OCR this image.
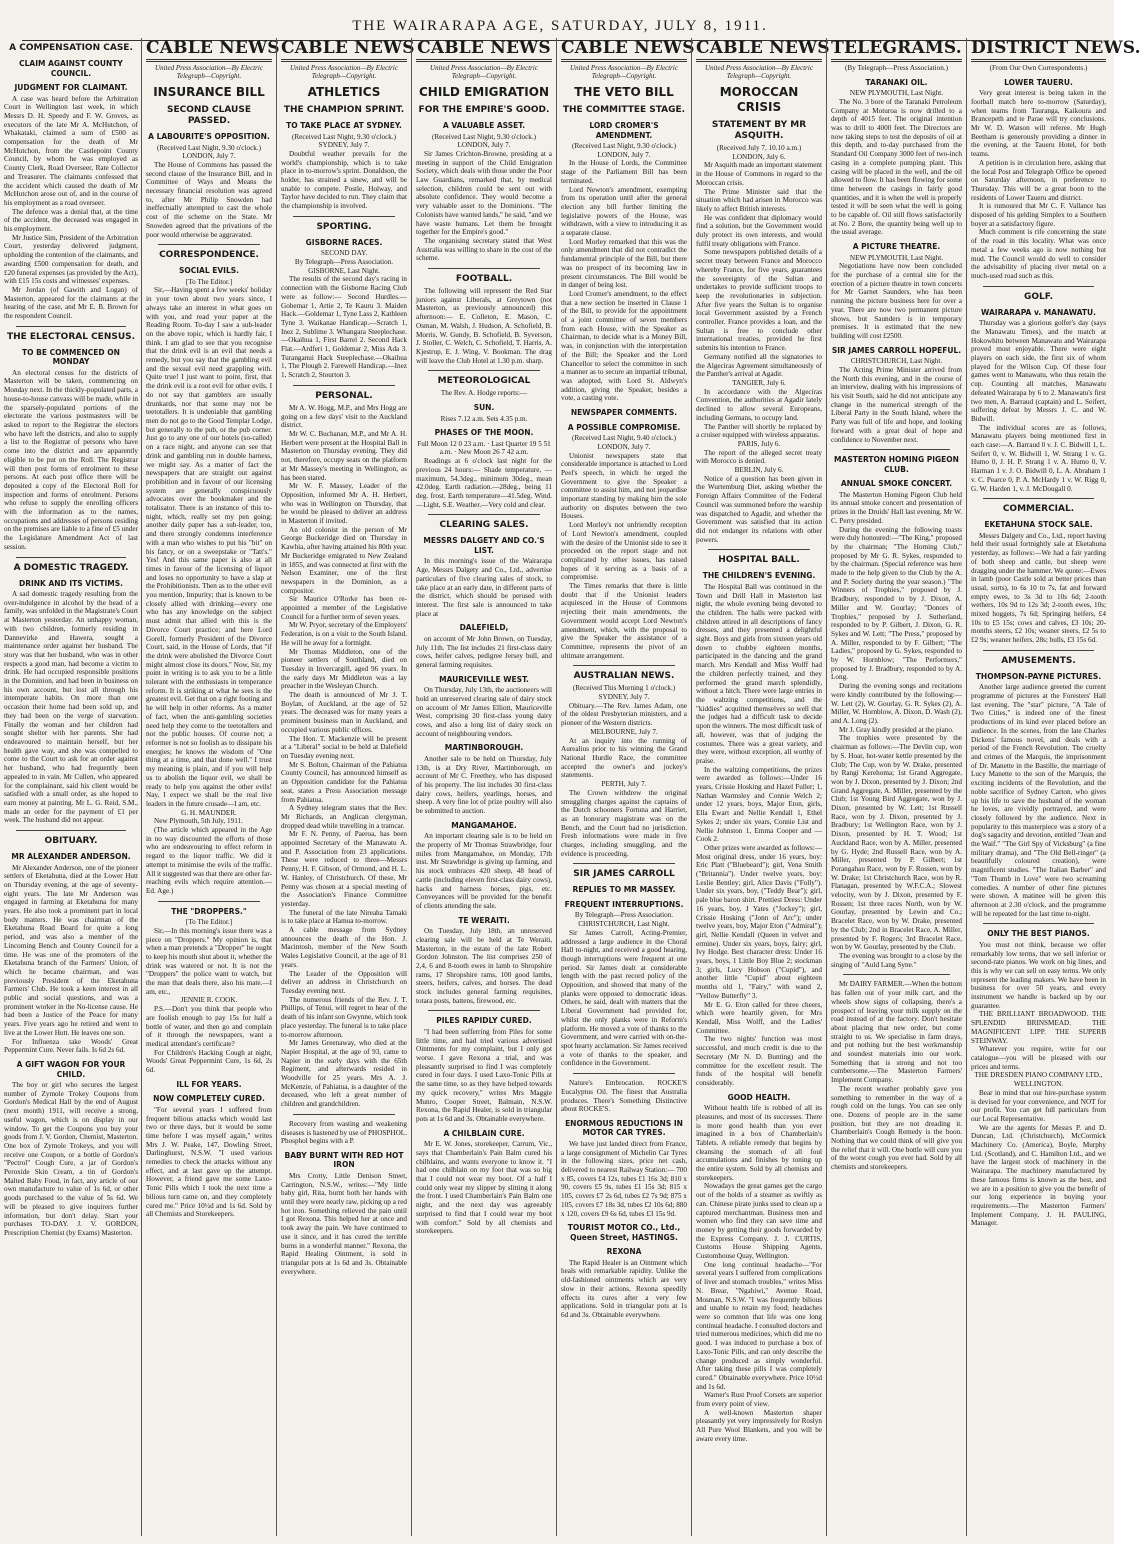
THE WAIRARAPA AGE, SATURDAY, JULY 8, 1911.
A COMPENSATION CASE.
CLAIM AGAINST COUNTY COUNCIL.
JUDGMENT FOR CLAIMANT.
A case was heard before the Arbitration Court in Wellington last week, in which Messrs D. H. Speedy and F. W. Groves, as executors of the late Mr A. McHutchon, of Whakataki, claimed a sum of £500 as compensation for the death of Mr McHutchon, from the Castlepoint County Council, by whom he was employed as County Clerk, Road Overseer, Rate Collector and Treasurer. The claimants confessed that the accident which caused the death of Mr McHutchon arose out of, and in the course of his employment as a road overseer.
The defence was a denial that, at the time of the accident, the deceased was engaged in his employment.
Mr Justice Sim, President of the Arbitration Court, yesterday delivered judgment, upholding the contention of the claimants, and awarding £500 compensation for death, and £20 funeral expenses (as provided by the Act), with £15 15s costs and witnesses' expenses.
Mr Jordan (of Gawith and Logan) of Masterton, appeared for the claimants at the hearing of the case, and Mr E. B. Brown for the respondent Council.
THE ELECTORAL CENSUS.
TO BE COMMENCED ON MONDAY
An electoral census for the districts of Masterton will be taken, commencing on Monday next. In the thickly-populated parts, a house-to-house canvass will be made, while in the sparsely-populated portions of the electorate the various postmasters will be asked to report to the Registrar the electors who have left the districts, and also to supply a list to the Registrar of persons who have come into the district and are apparently eligible to be put on the Roll. The Registrar will then post forms of enrolment to these persons. At each post office there will be deposited a copy of the Electoral Roll for inspection and forms of enrolment. Persons who refuse to supply the enrolling officers with the information as to the names, occupations and addresses of persons residing on the premises are liable to a fine of £5 under the Legislature Amendment Act of last session.
A DOMESTIC TRAGEDY.
DRINK AND ITS VICTIMS.
A sad domestic tragedy resulting from the over-indulgence in alcohol by the head of a family, was unfolded in the Magistrate's Court at Masterton yesterday. An unhappy woman, with two children, formerly residing in Dannevirke and Hawera, sought a maintenance order against her husband. The story was that her husband, who was in other respects a good man, had become a victim to drink. He had occupied responsible positions in the Dominion, and had been in business on his own account, but lost all through his intemperate habits. On more than one occasion their home had been sold up, and they had been on the verge of starvation. Finally the woman and her children had sought shelter with her parents. She had endeavoured to maintain herself, but her health gave way, and she was compelled to come to the Court to ask for an order against her husband, who had frequently been appealed to in vain. Mr Cullen, who appeared for the complainant, said his client would be satisfied with a small order, as she hoped to earn money at painting. Mr L. G. Reid, S.M., made an order for the payment of £1 per week. The husband did not appear.
OBITUARY.
MR ALEXANDER ANDERSON.
Mr Alexander Anderson, one of the pioneer settlers of Eketahuna, died at the Lower Hutt on Thursday evening, at the age of seventy-eight years. The late Mr Anderson was engaged in farming at Eketahuna for many years. He also took a prominent part in local body matters. He was chairman of the Eketahuna Road Board for quite a long period, and was also a member of the Lincoming Bench and County Council for a time. He was one of the promoters of the Eketahuna branch of the Farmers' Union, of which he became chairman, and was previously President of the Eketahuna Farmers' Club. He took a keen interest in all public and social questions, and was a prominent worker in the No-license cause. He had been a Justice of the Peace for many years. Five years ago he retired and went to live at the Lower Hutt. He leaves one son.
For Influenza take Woods' Great Peppermint Cure. Never fails. Is 6d 2s 6d.
A GIFT WAGON FOR YOUR CHILD.
The boy or girl who secures the largest number of Zymole Trokey Coupons from Gordon's Medical Hall by the end of August (next month) 1911, will receive a strong, useful wagon, which is on display in our window. To get the Coupons you buy your goods from J. V. Gordon, Chemist, Masterton. One box of Zymole Trokeys, and you will receive one Coupon, or a bottle of Gordon's "Pectrol" Cough Cure, a jar of Gordon's Peroxide Skin Cream, a tin of Gordon's Malted Baby Food, in fact, any article of our own manufacture to value of 1s 6d, or other goods purchased to the value of 5s 6d. We will be pleased to give inquirers further information, but don't delay. Start your purchases TO-DAY. J. V. GORDON, Prescription Chemist (by Exams) Masterton.
CABLE NEWS
United Press Association—By Electric Telegraph—Copyright.
INSURANCE BILL
SECOND CLAUSE PASSED.
A LABOURITE'S OPPOSITION.
(Received Last Night, 9.30 o'clock.)
LONDON, July 7.
The House of Commons has passed the second clause of the Insurance Bill, and in Committee of Ways and Means the necessary financial resolution was agreed to, after Mr Philip Snowden had ineffectually attempted to cast the whole cost of the scheme on the State. Mr Snowden agreed that the privations of the poor would otherwise be aggravated.
CORRESPONDENCE.
SOCIAL EVILS.
[To The Editor.]
Sir,—Having spent a few weeks' holiday in your town about two years since, I always take an interest in what goes on with you, and read your paper at the Reading Room. To-day I saw a sub-leader on the above topic, which is hardly fair, I think. I am glad to see that you recognise that the drink evil is an evil that needs a remedy, but you say that the gambling evil and the sexual evil need grappling with. Quite true! I just want to point, first, that the drink evil is a root evil for other evils. I do not say that gamblers are usually drunkards, nor that some may not be teetotallers. It is undeniable that gambling men do not go to the Good Templar Lodge, but generally to the pub, or the pub corner. Just go to any one of our hotels (so-called) on a race night, and anyone can see that drink and gambling run in double harness, we might say. As a matter of fact the newspapers that are straight out against prohibition and in favour of our licensing system are generally conspicuously advocates over the bookmaker and the totalisator. There is an instance of this to-night, which, really set my pen going; another daily paper has a sub-leader, too, and there strongly condemns interference with a man who wishes to put his "bit" on his fancy, or on a sweepstake or "Tatt's." Yes! And this same paper is also at all times in favour of the licensing of liquor and loses no opportunity to have a slap at the Prohibitionists. Then as to the other evil you mention, Impurity; that is known to be closely allied with drinking—every one who has any knowledge on the subject must admit that allied with this is the Divorce Court practice; and here Lord Gorell, formerly President of the Divorce Court, said, in the House of Lords, that "if the drink were abolished the Divorce Court might almost close its doors." Now, Sir, my point in writing is to ask you to be a little tolerant with the enthusiasts in temperance reform. It is striking at what he sees is the greatest evil. Get that on a right footing and he will help in other reforms. As a matter of fact, when the anti-gambling societies need help they come to the teetotallers and not the public houses. Of course not; a reformer is not so foolish as to dissipate his energies; he knows the wisdom of "One thing at a time, and that done well." I trust my meaning is plain, and if you will help us to abolish the liquor evil, we shall be ready to help you against the other evils! Nay, I expect we shall be the real live leaders in the future crusade—I am, etc.
G. H. MAUNDER.
New Plymouth, 5th July, 1911.
(The article which appeared in the Age in no way discounted the efforts of those who are endeavouring to effect reform in regard to the liquor traffic. We did it attempt to minimise the evils of the traffic. All it suggested was that there are other far-reaching evils which require attention.—Ed. Age.)
THE "DROPPERS."
[To The Editor.]
Sir,—In this morning's issue there was a piece on "Droppers." My opinion is, that when a man pretends a "Dropper" he ought to keep his mouth shut about it, whether the drink was watered or not. It is not the "Droppers" the police want to watch, but the man that deals there, also his mate.—I am, etc.,
JENNIE R. COOK.
P.S.—Don't you think that people who are foolish enough to pay 15s for half a bottle of water, and then go and complain of it through the newspapers, want a medical attendant's certificate?
For Children's Hacking Cough at night, Woods' Great Peppermint Cure, 1s 6d, 2s 6d.
ILL FOR YEARS.
NOW COMPLETELY CURED.
"For several years I suffered from frequent bilious attacks which would last two or three days, but it would be some time before I was myself again," writes Mrs J. W. Peake, 147, Dowling Street, Darlinghurst, N.S.W. "I used various remedies to check the attacks without any effect, and at last gave up the attempt. However, a friend gave me some Laxo-Tonic Pills which I took the next time a bilious turn came on, and they completely cured me." Price 10½d and 1s 6d. Sold by all Chemists and Storekeepers.
CABLE NEWS
United Press Association—By Electric Telegraph—Copyright.
ATHLETICS
THE CHAMPION SPRINT.
TO TAKE PLACE AT SYDNEY.
(Received Last Night, 9.30 o'clock.)
SYDNEY, July 7.
Doubtful weather prevails for the world's championship, which is to take place in to-morrow's sprint. Donaldson, the holder, has strained a sinew, and will be unable to compete. Postle, Holway, and Taylor have decided to run. They claim that the championship is involved.
SPORTING.
GISBORNE RACES.
SECOND DAY.
By Telegraph—Press Association.
GISBORNE, Last Night.
The results of the second day's racing in connection with the Gisborne Racing Club were as follow:— Second Hurdles.—Gobemar 1, Artie 2, Te Kauru 3. Maiden Hack.—Goldemar 1, Tyne Lass 2, Kathleen Tyne 3. Waikanae Handicap.—Scratch 1, Inez 2, Sublime 3. Whangara Steeplechase.—Okaihua 1, First Barrel 2. Second Hack Flat.—Ardferi 1, Goldemar 2, Miss Ada 3. Turanganui Hack Steeplechase.—Okaihua 1, The Plough 2. Farewell Handicap.—Inez 1, Scratch 2, Stourton 3.
PERSONAL.
Mr A. W. Hogg, M.P., and Mrs Hogg are going on a few days' visit to the Auckland district.
Mr W. C. Buchanan, M.P., and Mr A. H. Herbert were present at the Hospital Ball in Masterton on Thursday evening. They did not, therefore, occupy seats on the platform at Mr Massey's meeting in Wellington, as has been stated.
Mr W. F. Massey, Leader of the Opposition, informed Mr A. H. Herbert, who was in Wellington on Thursday, that he would be pleased to deliver an address in Masterton if invited.
An old colonist in the person of Mr George Buckeridge died on Thursday in Kawhia, after having attained his 80th year. Mr Buckeridge emigrated to New Zealand in 1855, and was connected at first with the Nelson Examiner, one of the first newspapers in the Dominion, as a compositor.
Sir Maurice O'Rorke has been re-appointed a member of the Legislative Council for a further term of seven years.
Mr W. Pryor, secretary of the Employers' Federation, is on a visit to the South Island. He will be away for a fortnight.
Mr Thomas Middleton, one of the pioneer settlers of Southland, died on Tuesday in Invercargill, aged 96 years. In the early days Mr Middleton was a lay preacher in the Wesleyan Church.
The death is announced of Mr J. T. Boylan, of Auckland, at the age of 52 years. The deceased was for many years a prominent business man in Auckland, and occupied various public offices.
The Hon. T. Mackenzie will be present at a "Liberal" social to be held at Dalefield on Tuesday evening next.
Mr S. Bolton, Chairman of the Pahiatua County Council, has announced himself as an Opposition candidate for the Pahiatua seat, states a Press Association message from Pahiatua.
A Sydney telegram states that the Rev. Mr Richards, an Anglican clergyman, dropped dead while travelling in a tramcar.
Mr F. N. Penny, of Paeroa, has been appointed Secretary of the Manawatu A. and P. Association from 23 applications. These were reduced to three—Messrs Penny, H. F. Gibson, of Ormond, and H. L. W. Hanley, of Christchurch. Of these, Mr Penny was chosen at a special meeting of the Association's Finance Committee yesterday.
The funeral of the late Nireaha Tamaki is to take place at Hamua to-morrow.
A cable message from Sydney announces the death of the Hon. J. Macintosh, member of the New South Wales Legislative Council, at the age of 81 years.
The Leader of the Opposition will deliver an address in Christchurch on Tuesday evening next.
The numerous friends of the Rev. J. T. Phillips, of Tenui, will regret to hear of the death of his infant son Gwynne, which took place yesterday. The funeral is to take place to-morrow afternoon.
Mr James Greenaway, who died at the Napier Hospital, at the age of 93, came to Napier in the early days with the 65th Regiment, and afterwards resided in Woodville for 25 years. Mrs A. J. McKenzie, of Pahiatua, is a daughter of the deceased, who left a great number of children and grandchildren.
Recovery from wasting and weakening diseases is hastened by use of PHOSPHOL. Phosphol begins with a P.
BABY BURNT WITH RED HOT IRON
Mrs Crotty, Little Denison Street, Carrington, N.S.W., writes:—"My little baby girl, Rita, burnt both her hands with until they were nearly raw, picking up a red hot iron. Something relieved the pain until I got Rexona. This helped her at once and took away the pain. We have continued to use it since, and it has cured the terrible burns in a wonderful manner." Rexona, the Rapid Healing Ointment, is sold in triangular pots at 1s 6d and 3s. Obtainable everywhere.
CABLE NEWS
United Press Association—By Electric Telegraph—Copyright.
CHILD EMIGRATION
FOR THE EMPIRE'S GOOD.
A VALUABLE ASSET.
(Received Last Night, 9.30 o'clock.)
LONDON, July 7.
Sir James Crichton-Browne, presiding at a meeting in support of the Child Emigration Society, which deals with those under the Poor Law Guardians, remarked that, by medical selection, children could be sent out with absolute confidence. They would become a very valuable asset to the Dominions. "The Colonists have wanted lands," he said, "and we have waste humans. Let them be brought together for the Empire's good."
The organising secretary stated that West Australia was willing to share in the cost of the scheme.
FOOTBALL.
The following will represent the Red Star juniors against Liberals, at Greytown (not Masterton, as previously announced) this afternoon:— E. Colleton, E. Mason, C. Osman, M. Walsh, J. Hudson, A. Schofield, B. Morris, W. Gundy, B. Schofield, B. Syverson, J. Stoller, C. Welch, C. Schofield, T. Harris, A. Kjestrup, E. J. Wing, V. Bookman. The drag will leave the Club Hotel at 1.30 p.m. sharp.
METEOROLOGICAL
The Rev. A. Hodge reports:—
SUN.
Rises 7.12 a.m. Sets 4.35 p.m.
PHASES OF THE MOON.
Full Moon 12 0 23 a.m. · Last Quarter 19 5 51 a.m. · New Moon 26 7 42 a.m.
Readings at 6 o'clock last night for the previous 24 hours:— Shade temperature, — maximum, 54.3deg., minimum 30deg., mean 42.0deg. Earth radiation.—28deg., being 11 deg. frost. Earth temperature—41.5deg. Wind.—Light, S.E. Weather.—Very cold and clear.
CLEARING SALES.
MESSRS DALGETY AND CO.'S LIST.
In this morning's issue of the Wairarapa Age, Messrs Dalgety and Co., Ltd., advertise particulars of five clearing sales of stock, to take place at an early date, in different parts of the district, which should be perused with interest. The first sale is announced to take place at
DALEFIELD,
on account of Mr John Brown, on Tuesday, July 11th. The list includes 21 first-class dairy cows, heifer calves, pedigree Jersey bull, and general farming requisites.
MAURICEVILLE WEST.
On Thursday, July 13th, the auctioneers will hold an unreserved clearing sale of dairy stock on account of Mr James Elliott, Mauriceville West, comprising 20 first-class young dairy cows, and also a long list of dairy stock on account of neighbouring vendors.
MARTINBOROUGH.
Another sale to be held on Thursday, July 13th, is at Dry River, Martinborough, on account of Mr C. Freethey, who has disposed of his property. The list includes 30 first-class dairy cows, heifers, yearlings, horses, and sheep. A very fine lot of prize poultry will also be submitted to auction.
MANGAMAHOE.
An important clearing sale is to be held on the property of Mr Thomas Strawbridge, four miles from Mangamahoe, on Monday, 17th inst. Mr Strawbridge is giving up farming, and his stock embraces 420 sheep, 48 head of cattle (including eleven first-class dairy cows), hacks and harness horses, pigs, etc. Conveyances will be provided for the benefit of clients attending the sale.
TE WERAITI.
On Tuesday, July 18th, an unreserved clearing sale will be held at Te Weraiti, Masterton, in the estate of the late Robert Gordon Johnston. The list comprises 250 of 2,4, 6 and 8-tooth ewes in lamb to Shropshire rams, 17 Shropshire rams, 100 good lambs, steers, heifers, calves, and horses. The dead stock includes general farming requisites, totara posts, battens, firewood, etc.
PILES RAPIDLY CURED.
"I had been sufferring from Piles for some little time, and had tried various advertised Ointments for my complaint, but I only got worse. I gave Rexona a trial, and was pleasantly surprised to find I was completely cured in four days. I used Laxo-Tonic Pills at the same time, so as they have helped towards my quick recovery," writes Mrs Maggie Munro, Cooper Street, Balmain, N.S.W. Rexona, the Rapid Healer, is sold in triangular pots at 1s 6d and 3s. Obtainable everywhere.
A CHILBLAIN CURE.
Mr E. W. Jones, storekeeper, Carrum, Vic., says that Chamberlain's Pain Balm cured his chilblains, and wants everyone to know it. "I had one chilblain on my foot that was so big that I could not wear my boot. Of a half I could only wear my slipper by slitting it along the front. I used Chamberlain's Pain Balm one night, and the next day was agreeably surprised to find that I could wear my boot with comfort." Sold by all chemists and storekeepers.
CABLE NEWS
United Press Association—By Electric Telegraph—Copyright.
THE VETO BILL
THE COMMITTEE STAGE.
LORD CROMER'S AMENDMENT.
(Received Last Night, 9.30 o'clock.)
LONDON, July 7.
In the House of Lords, the Committee stage of the Parliament Bill has been terminated.
Lord Newton's amendment, exempting from its operation until after the general election any bill further limiting the legislative powers of the House, was withdrawn, with a view to introducing it as a separate clause.
Lord Morley remarked that this was the only amendment that did not contradict the fundamental principle of the Bill, but there was no prospect of its becoming law in present circumstances. The Bill would be in danger of being lost.
Lord Cromer's amendment, to the effect that a new section be inserted in Clause 1 of the Bill, to provide for the appointment of a joint committee of seven members from each House, with the Speaker as Chairman, to decide what is a Money Bill, was, in conjunction with the interpretation of the Bill; the Speaker and the Lord Chancellor to select the committee in such a manner as to secure an impartial tribunal, was adopted, with Lord St. Aldwyn's addition, giving the Speaker, besides a vote, a casting vote.
NEWSPAPER COMMENTS.
A POSSIBLE COMPROMISE.
(Received Last Night, 9.40 o'clock.)
LONDON, July 7.
Unionist newspapers state that considerable importance is attached to Lord Peel's speech, in which he urged the Government to give the Speaker a committee to assist him, and not jeopardise important standing by making him the sole authority on disputes between the two Houses.
Lord Morley's not unfriendly reception of Lord Newton's amendment, coupled with the desire of the Unionist side to see it proceeded on the report stage and not complicated by other issues, has raised hopes of it serving as a basis of a compromise.
The Times remarks that there is little doubt that if the Unionist leaders acquiesced in the House of Commons rejecting their main amendments, the Government would accept Lord Newton's amendment, which, with the proposal to give the Speaker the assistance of a Committee, represents the pivot of an ultimate arrangement.
AUSTRALIAN NEWS.
(Received This Morning 1 o'clock.)
SYDNEY, July 7.
Obituary.—The Rev. James Adam, one of the oldest Presbyterian ministers, and a pioneer of the Western districts.
MELBOURNE, July 7.
At an inquiry into the running of Aurealius prior to his winning the Grand National Hurdle Race, the committee accepted the owner's and jockey's statements.
PERTH, July 7.
The Crown withdrew the original smuggling charges against the captains of the Dutch schooners Fortuna and Harriet, as an honorary magistrate was on the Bench, and the Court had no jurisdiction. Fresh informations were made in five charges, including smuggling, and the evidence is proceeding.
SIR JAMES CARROLL
REPLIES TO MR MASSEY.
FREQUENT INTERRUPTIONS.
By Telegraph—Press Association.
CHRISTCHURCH, Last Night.
Sir James Carroll, Acting-Premier, addressed a large audience in the Choral Hall to-night, and received a good hearing, though interruptions were frequent at one period. Sir James dealt at considerable length with the past record policy of the Opposition, and showed that many of the planks were opposed to democratic ideas. Others, he said, dealt with matters that the Liberal Government had provided for, whilst the only planks were in Reform's platform. He moved a vote of thanks to the Government, and were carried with on-the-spot hearty acclamation. Sir James received a vote of thanks to the speaker, and confidence in the Government.
Nature's Embrocation. ROCKE'S Eucalyptus Oil. The finest that Australia produces. There's Something Distinctive about ROCKE'S.
ENORMOUS REDUCTIONS IN MOTOR CAR TYRES.
We have just landed direct from France, a large consignment of Michelin Car Tyres in the following sizes, price net cash, delivered to nearest Railway Station:— 700 x 85, covers £4 12s, tubes £1 16s 3d; 810 x 90, covers £5 9s, tubes £1 15s 3d; 815 x 105, covers £7 2s 6d, tubes £2 7s 9d; 875 x 105, covers £7 18s 3d, tubes £2 10s 6d; 880 x 120, covers £9 6s 6d, tubes £3 15s 9d.
TOURIST MOTOR CO., Ltd., Queen Street, HASTINGS.
REXONA
The Rapid Healer is an Ointment which heals with remarkable rapidity. Unlike the old-fashioned ointments which are very slow in their actions, Rexona speedily effects its cures after a very few applications. Sold in triangular pots at 1s 6d and 3s. Obtainable everywhere.
CABLE NEWS
United Press Association—By Electric Telegraph—Copyright.
MOROCCAN CRISIS
STATEMENT BY MR ASQUITH.
(Received July 7, 10.10 a.m.)
LONDON, July 6.
Mr Asquith made an important statement in the House of Commons in regard to the Moroccan crisis.
The Prime Minister said that the situation which had arisen in Morocco was likely to affect British interests.
He was confident that diplomacy would find a solution, but the Government would duly protect its own interests, and would fulfil treaty obligations with France.
Some newspapers published details of a secret treaty between France and Morocco whereby France, for five years, guarantees the sovereignty of the Sultan and undertakes to provide sufficient troops to keep the revolutionaries in subjection. After five years the Sultan is to organise local Government assisted by a French controller. France provides a loan, and the Sultan is free to conclude other international treaties, provided he first submits his intention to France.
Germany notified all the signatories to the Algeciras Agreement simultaneously of the Panther's arrival at Agadir.
TANGIER, July 6.
In accordance with the Algeciras Convention, the authorities at Agadir lately declined to allow several Europeans, including Germans, to occupy land.
The Panther will shortly be replaced by a cruiser equipped with wireless apparatus.
PARIS, July 6.
The report of the alleged secret treaty with Morocco is denied.
BERLIN, July 6.
Notice of a question has been given in the Wurtemburg Diet, asking whether the Foreign Affairs Committee of the Federal Council was summoned before the warship was dispatched to Agadir, and whether the Government was satisfied that its action did not endanger its relations with other powers.
HOSPITAL BALL.
THE CHILDREN'S EVENING.
The Hospital Ball was continued in the Town and Drill Hall in Masterton last night, the whole evening being devoted to the children. The halls were packed with children attired in all descriptions of fancy dresses, and they presented a delightful sight. Boys and girls from sixteen years old down to chubby eighteen months, participated in the dancing and the grand march. Mrs Kendall and Miss Wolff had the children perfectly trained, and they performed the grand march splendidly, without a hitch. There were large entries in the waltzing competitions, and the "kiddies" acquitted themselves so well that the judges had a difficult task to decide upon the winners. The most difficult task of all, however, was that of judging the costumes. There was a great variety, and they were, without exception, all worthy of praise.
In the waltzing competitions, the prizes were awarded as follows:—Under 16 years, Crissie Hosking and Hazel Fuller; 1, Nathan Warmsley and Connie Welch 2; under 12 years, boys, Major Eton, girls, Ella Ewart and Nellie Kendall 1, Ethel Sykes 2; under six years, Connie List and Nellie Johnston 1, Emma Cooper and — Cook 2.
Other prizes were awarded as follows:—Most original dress, under 16 years, boy: Eric Platt ("Bluebeard"); girl, Vena Smith ("Britannia"). Under twelve years, boy: Leslie Bentley; girl, Alice Davis ("Folly"). Under six years, boy, ("Teddy Bear"); girl, pale blue baron shirt. Prettiest Dress: Under 16 years, boy, J Yates ("Jockey"); girl, Crissie Hosking ("Jonn of Arc"); under twelve years, boy, Major Eton ("Admiral"); girl, Nellie Kendall (Queen in velvet and ermine). Under six years, boys, fairy; girl, Ivy Hodge. Best character dress: Under 16 years, boys, 1 Little Boy Blue 2; stockman 3; girls, Lucy Hobson ("Cupid"), and another little "Cupid" about eighteen months old 1, "Fairy," with wand 2, "Yellow Butterfly" 3.
Mr E. G. Eton called for three cheers, which were heartily given, for Mrs Kendall, Miss Wolff, and the Ladies' Committee.
The two nights' function was most successful, and much credit is due to the Secretary (Mr N. D. Bunting) and the committee for the excellent result. The funds of the hospital will benefit considerably.
GOOD HEALTH.
Without health life is robbed of all its pleasures, and most of its successes. There is more good health than you ever imagined in a box of Chamberlain's Tablets. A reliable remedy that begins by cleansing the stomach of all foul accumulations and finishes by toning up the entire system. Sold by all chemists and storekeepers.
Nowadays the great games get the cargo out of the holds of a steamer as swiftly as can. Chinese pirate junks used to clean up a captured merchantman. Business men and women who find they can save time and money by getting their goods forwarded by the Express Company. J. J. CURTIS, Customs House Shipping Agents, Customhouse Quay, Wellington.
One long continual headache—"For several years I suffered from complications of liver and stomach troubles," writes Miss N. Brear, "Ngahiwi," Avenue Road, Mosman, N.S.W. "I was frequently bilious and unable to retain my food; headaches were so common that life was one long continual headache. I consulted doctors and tried numerous medicines, which did me no good. I was induced to purchase a box of Laxo-Tonic Pills, and can only describe the change produced as simply wonderful. After taking these pills I was completely cured." Obtainable everywhere. Price 10½d and 1s 6d.
Warner's Rust Proof Corsets are superior from every point of view.
A well-known Masterton shaper pleasantly yet very impressively for Roslyn All Pure Wool Blankets, and you will be aware every time.
TELEGRAMS.
(By Telegraph—Press Association.)
TARANAKI OIL.
NEW PLYMOUTH, Last Night.
The No. 3 bore of the Taranaki Petroleum Company at Moturoa is now drilled to a depth of 4015 feet. The original intention was to drill to 4000 feet. The Directors are now taking steps to test the deposits of oil at this depth, and to-day purchased from the Standard Oil Company 3000 feet of two-inch casing in a complete pumping plant. This casing will be placed in the well, and the oil allowed to flow. It has been flowing for some time between the casings in fairly good quantities, and it is when the well is properly tested it will be seen what the well is going to be capable of. Oil still flows satisfactorily at No. 2 Bore, the quantity being well up to the usual average.
A PICTURE THEATRE.
NEW PLYMOUTH, Last Night.
Negotiations have now been concluded for the purchase of a central site for the erection of a picture theatre in town concerts for Mr Garnet Saunders, who has been running the picture business here for over a year. There are now two permanent picture shows, but Saunders is in temporary premises. It is estimated that the new building will cost £2500.
SIR JAMES CARROLL HOPEFUL.
CHRISTCHURCH, Last Night.
The Acting Prime Minister arrived from the North this evening, and in the course of an interview, dealing with his impressions of his visit South, said he did not anticipate any change in the numerical strength of the Liberal Party in the South Island, where the Party was full of life and hope, and looking forward with a great deal of hope and confidence to November next.
MASTERTON HOMING PIGEON CLUB.
ANNUAL SMOKE CONCERT.
The Masterton Homing Pigeon Club held its annual smoke concert and presentation of prizes in the Druids' Hall last evening. Mr W. C. Perry presided.
During the evening the following toasts were duly honoured:—"The King," proposed by the chairman; "The Homing Club," proposed by Mr G. R. Sykes, responded to by the chairman. (Special reference was here made to the help given to the Club by the A. and P. Society during the year season.) "The Winners of Trophies," proposed by J. Bradbury, responded to by J. Dixon, A. Miller and W. Gourlay; "Donors of Trophies," proposed by J. Sutherland, responded to by P. Gilbert, J. Dixon, G. R. Sykes and W. Lett; "The Press," proposed by A. Miller, responded to by F. Gilbert; "The Ladies," proposed by G. Sykes, responded to by W. Hornblow; "The Performers," proposed by J. Bradbury, responded to by A. Long.
During the evening songs and recitations were kindly contributed by the following:—W. Lett (2), W. Gourlay, G. R. Sykes (2), A. Miller, W. Hornblow, A. Dixon, D. Wash (2), and A. Long (2).
Mr J. Gray kindly presided at the piano.
The trophies were presented by the chairman as follows:—The Devlin cup, won by S. Hoar, hot-water kettle presented by the Club; The Cup, won by W. Drake, presented by Rangi Kerehoma; 1st Grand Aggregate, won by J. Dixon, presented by J. Dixon; 2nd Grand Aggregate, A. Miller, presented by the Club; 1st Young Bird Aggregate, won by J. Dixon, presented by W. Lett; 1st Russell Race, won by J. Dixon, presented by J. Bradbury; 1st Wellington Race, won by J. Dixon, presented by H. T. Wood; 1st Auckland Race, won by A. Miller, presented by G. Hyde; 2nd Russell Race, won by A. Miller, presented by P. Gilbert; 1st Porangahau Race, won by F. Rossen, won by W. Drake; 1st Christchurch Race, won by R. Flanagan, presented by W.F.C.A.; Slowest velocity, won by J. Dixon, presented by F. Rossen; 1st three races North, won by W. Gourlay, presented by Lewin and Co.; Bracelet Race, won by W. Drake, presented by the Club; 2nd in Bracelet Race, A. Miller, presented by F. Rogers; 3rd Bracelet Race, won by W. Gourlay, presented by the Club.
The evening was brought to a close by the singing of "Auld Lang Syne."
Mr DAIRY FARMER.—When the bottom has fallen out of your milk cart, and the wheels show signs of collapsing, there's a prospect of leaving your milk supply on the road instead of at the factory. Don't hesitate about placing that new order, but come straight to us. We specialise in farm drays, and put nothing but the best workmanship and soundest materials into our work. Something that is strong and not too cumbersome.—The Masterton Farmers' Implement Company.
The recent weather probably gave you something to remember in the way of a rough cold on the lungs. You can see only one. Dozens of people are in the same position, but they are not dreading it. Chamberlain's Cough Remedy is the boon. Nothing that we could think of will give you the relief that it will. One bottle will cure you of the worst cough you ever had. Sold by all chemists and storekeepers.
DISTRICT NEWS.
(From Our Own Correspondents.)
LOWER TAUERU.
Very great interest is being taken in the football match here to-morrow (Saturday), when teams from Tauranga, Kaikoura and Brancepeth and te Parae will try conclusions. Mr W. D. Watson will referee. Mr Hugh Beetham is generously providing a dinner in the evening, at the Taueru Hotel, for both teams.
A petition is in circulation here, asking that the local Post and Telegraph Office be opened on Saturday afternoon, in preference to Thursday. This will be a great boon to the residents of Lower Taueru and district.
It is rumoured that Mr C. F. Vallance has disposed of his gelding Simplex to a Southern buyer at a satisfactory figure.
Much comment is rife concerning the state of the road in this locality. What was once metal a few weeks ago is now nothing but mud. The Council would do well to consider the advisability of placing river metal on a much-used road such as this.
GOLF.
WAIRARAPA v. MANAWATU.
Thursday was a glorious golfer's day (says the Manawatu Times), and the match at Hokowhitu between Manawatu and Wairarapa proved most enjoyable. There were eight players on each side, the first six of whom played for the Wilson Cup. Of these four games went to Manawatu, who thus retain the cup. Counting all matches, Manawatu defeated Wairarapa by 6 to 2. Manawatu's first two men, A. Barraud (captain) and L. Seifert, suffering defeat by Messrs J. C. and W. Bidwill.
The individual scores are as follows, Manawatu players being mentioned first in each case:—A. Barraud 0 v. J. C. Bidwill 1, L. Seifert 0, v. W. Bidwill 1, W. Strang 1 v. G. Humo 0, J. H. P. Strang 1 v. A. Humo 0, V. Harman 1 v. J. O. Bidwill 0, L. A. Abraham 1 v. C. Pearce 0, P. A. McHardy 1 v. W. Rigg 0, G. W. Harden 1, v. J. McDougall 0.
COMMERCIAL.
EKETAHUNA STOCK SALE.
Messrs Dalgety and Co., Ltd., report having held their usual fortnightly sale at Eketahuna yesterday, as follows:—We had a fair yarding of both sheep and cattle, but sheep were dragging under the hammer. We quote:—Ewes in lamb (poor Castle sold at better prices than usual, sorts), to 6s 10 to 7s, fat and forward empty ewes, to 3s 3d to 10s 6d; 2-tooth wethers, 10s 9d to 12s 3d; 2-tooth ewes, 10s; mixed hoggets, 7s 6d; Springing heifers, £4 10s to £5 15s; cows and calves, £3 10s; 20-months steers, £2 10s; weaner steers, £2 5s to £2 9s; weaner heifers, 28s; bulls, £3 15s 6d.
AMUSEMENTS.
THOMPSON-PAYNE PICTURES.
Another large audience greeted the current programme of pictures at the Foresters' Hall last evening. The "star" picture, "A Tale of Two Cities," is indeed one of the finest productions of its kind ever placed before an audience. In the scenes, from the late Charles Dickens' famous novel, and deals with a period of the French Revolution. The cruelty and crimes of the Marquis, the imprisonment of Dr. Manette in the Bastille, the marriage of Lucy Manette to the son of the Marquis, the exciting incidents of the Revolution, and the noble sacrifice of Sydney Carton, who gives up his life to save the husband of the woman he loves, are vividly portrayed, and were closely followed by the audience. Next in popularity to this masterpiece was a story of a dog's sagacity and devotion, entitled "Jean and the Waif." "The Girl Spy of Vicksburg" (a fine military drama), and "The Old Bell-ringer" (a beautifully coloured creation), were magnificent studies. "The Italian Barber" and "Tom Thumb in Love" were two screaming comedies. A number of other fine pictures were shown. A matinee will be given this afternoon at 2.30 o'clock, and the programme will be repeated for the last time to-night.
ONLY THE BEST PIANOS.
You must not think, because we offer remarkably low terms, that we sell inferior or second-rate pianos. We work on big lines, and this is why we can sell on easy terms. We only represent the leading makers. We have been in business for over 50 years, and every instrument we handle is backed up by our guarantee.
THE BRILLIANT BROADWOOD. THE SPLENDID BRINSMEAD. THE MAGNIFICENT LIPP. THE SUPERB STEINWAY.
Whatever you require, write for our catalogue—you will be pleased with our prices and terms.
THE DRESDEN PIANO COMPANY LTD., WELLINGTON.
Bear in mind that our hire-purchase system is devised for your convenience, and NOT for our profit. You can get full particulars from our Local Representative.
We are the agents for Messrs P. and D. Duncan, Ltd. (Christchurch), McCormick Machinery Co. (America), Boyle, Murphy Ltd. (Scotland), and C. Hamilton Ltd., and we have the largest stock of machinery in the Wairarapa. The machinery manufactured by these famous firms is known as the best, and we are in a position to give you the benefit of our long experience in buying your requirements.—The Masterton Farmers' Implement Company, J. H. PAULING, Manager.
